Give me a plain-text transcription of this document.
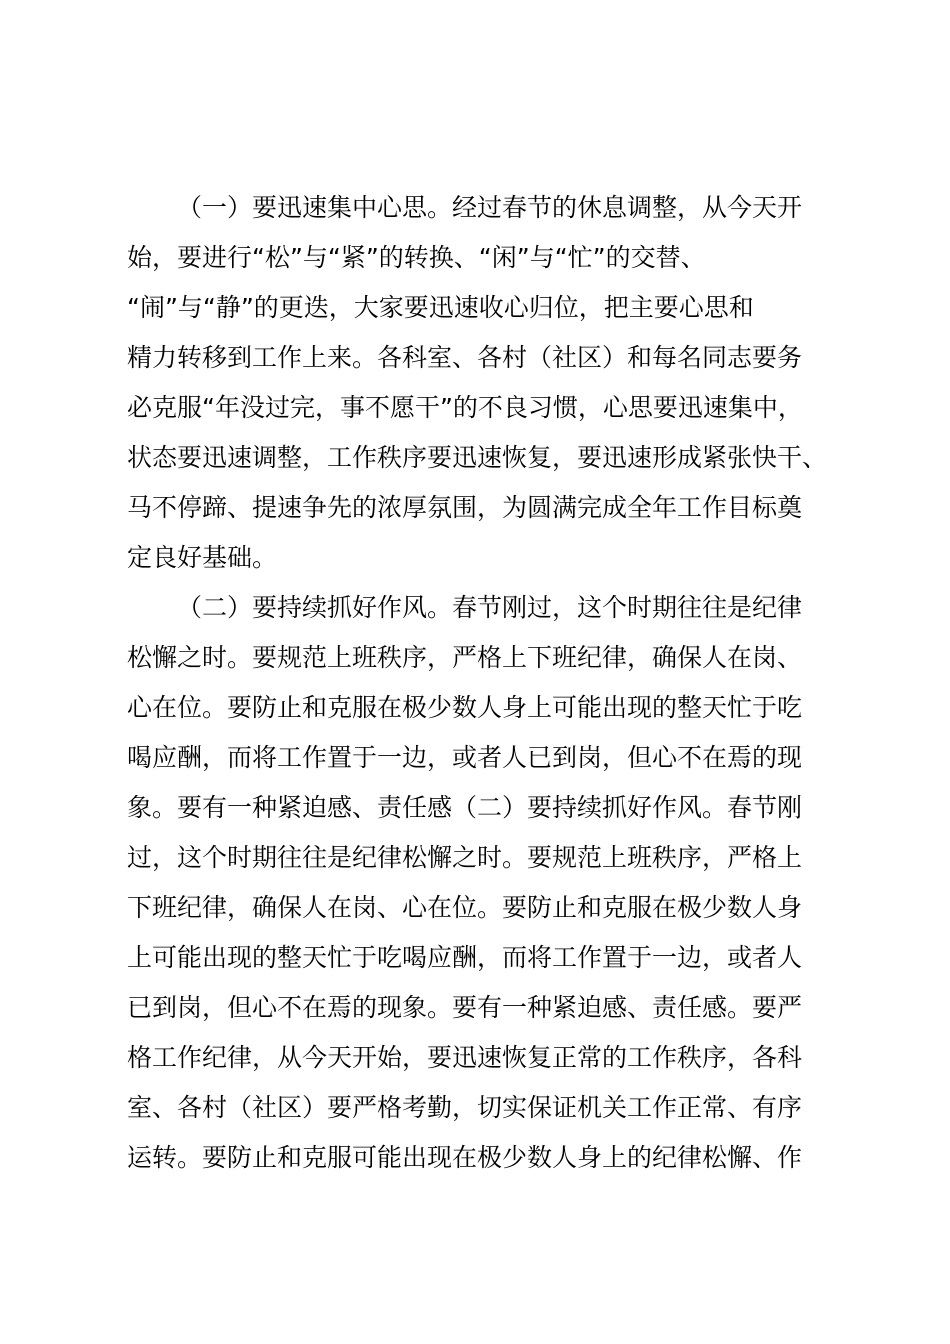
（一）要迅速集中心思。经过春节的休息调整，从今天开
始，要进行“松”与“紧”的转换、“闲”与“忙”的交替、
“闹”与“静”的更迭，大家要迅速收心归位，把主要心思和
精力转移到工作上来。各科室、各村（社区）和每名同志要务
必克服“年没过完，事不愿干”的不良习惯，心思要迅速集中，
状态要迅速调整，工作秩序要迅速恢复，要迅速形成紧张快干、
马不停蹄、提速争先的浓厚氛围，为圆满完成全年工作目标奠
定良好基础。
（二）要持续抓好作风。春节刚过，这个时期往往是纪律
松懈之时。要规范上班秩序，严格上下班纪律，确保人在岗、
心在位。要防止和克服在极少数人身上可能出现的整天忙于吃
喝应酬，而将工作置于一边，或者人已到岗，但心不在焉的现
象。要有一种紧迫感、责任感（二）要持续抓好作风。春节刚
过，这个时期往往是纪律松懈之时。要规范上班秩序，严格上
下班纪律，确保人在岗、心在位。要防止和克服在极少数人身
上可能出现的整天忙于吃喝应酬，而将工作置于一边，或者人
已到岗，但心不在焉的现象。要有一种紧迫感、责任感。要严
格工作纪律，从今天开始，要迅速恢复正常的工作秩序，各科
室、各村（社区）要严格考勤，切实保证机关工作正常、有序
运转。要防止和克服可能出现在极少数人身上的纪律松懈、作
